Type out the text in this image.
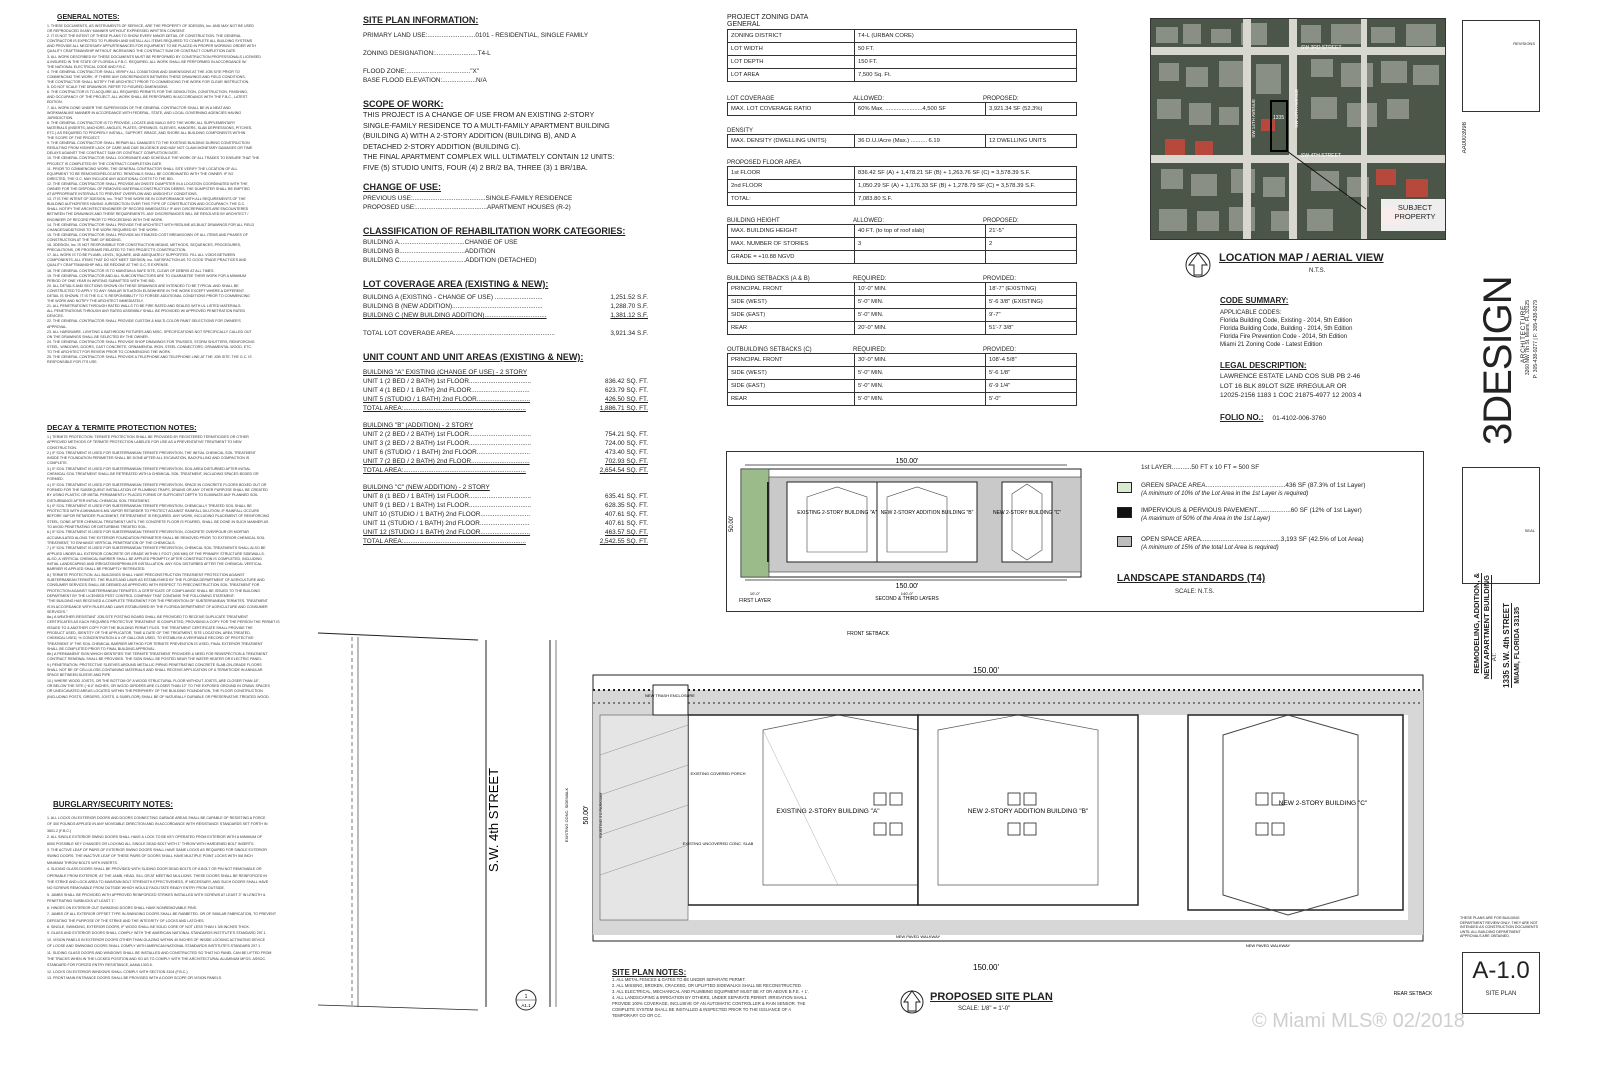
GENERAL NOTES:

1. THESE DOCUMENTS, AS INSTRUMENTS OF SERVICE, ARE THE PROPERTY OF 3DESIGN, Inc. AND MAY NOT BE USED

OR REPRODUCED IN ANY MANNER WITHOUT EXPRESSED WRITTEN CONSENT.

2. IT IS NOT THE INTENT OF THESE PLANS TO SHOW EVERY MINOR DETAIL OF CONSTRUCTION. THE GENERAL

CONTRACTOR IS EXPECTED TO FURNISH AND INSTALL ALL ITEMS REQUIRED TO COMPLETE ALL BUILDING SYSTEMS

AND PROVIDE ALL NECESSARY APPURTENANCES FOR EQUIPMENT TO BE PLACED IN PROPER WORKING ORDER WITH

QUALITY CRAFTSMANSHIP WITHOUT INCREASING THE CONTRACT SUM OR CONTRACT COMPLETION DATE.

3. ALL WORK DESCRIBED BY THESE DOCUMENTS MUST BE PERFORMED BY CONSTRUCTION PROFESSIONALS LICENSED

& INSURED IN THE STATE OF FLORIDA & F.B.C. REQUIRED. ALL WORK SHALL BE PERFORMED IN ACCORDANCE W/

THE NATIONAL ELECTRICAL CODE AND F.B.C.

4. THE GENERAL CONTRACTOR SHALL VERIFY ALL CONDITIONS AND DIMENSIONS AT THE JOB SITE PRIOR TO

COMMENCING THE WORK. IF THERE ANY DISCREPANCIES BETWEEN THESE DRAWINGS AND FIELD CONDITIONS,

THE CONTRACTOR SHALL NOTIFY THE ARCHITECT PRIOR TO COMMENCING THE WORK FOR CLEAR INSTRUCTION.

5. DO NOT SCALE THE DRAWINGS. REFER TO FIGURED DIMENSIONS.

6. THE CONTRACTOR IS TO ACQUIRE ALL REQUIRED PERMITS FOR THE DEMOLITION, CONSTRUCTION, FINISHING,

AND OCCUPANCY OF THE PROJECT. ALL WORK SHALL BE PERFORMED IN ACCORDANCE WITH THE F.B.C., LATEST

EDITION.

7. ALL WORK DONE UNDER THE SUPERVISION OF THE GENERAL CONTRACTOR SHALL BE IN A NEAT AND

WORKMANLIKE MANNER IN ACCORDANCE WITH FEDERAL, STATE, AND LOCAL GOVERNING AGENCIES HAVING

JURISDICTION.

8. THE GENERAL CONTRACTOR IS TO PROVIDE, LOCATE AND BUILD INTO THE WORK ALL SUPPLEMENTARY

MATERIALS (INSERTS, ANCHORS, ANGLES, PLATES, OPENINGS, SLEEVES, HANGERS, SLAB DEPRESSIONS, PITCHES,

ETC.) AS REQUIRED TO PROPERLY INSTALL, SUPPORT, BRACE, AND SHORE ALL BUILDING COMPONENTS WITHIN

THE SCOPE OF THE PROJECT.

9. THE GENERAL CONTRACTOR SHALL REPAIR ALL DAMAGES TO THE EXISTING BUILDING DURING CONSTRUCTION

RESULTING FROM HIS/HER LACK OF CARE AND DUE DILIGENCE AND MAY NOT CLAIM MONETARY DAMAGES OR TIME

DELAYS AGAINST THE CONTRACT SUM OR CONTRACT COMPLETION DATE.

10. THE GENERAL CONTRACTOR SHALL COORDINATE AND SCHEDULE THE WORK OF ALL TRADES TO ENSURE THAT THE

PROJECT IS COMPLETED BY THE CONTRACT COMPLETION DATE.

11. PRIOR TO COMMENCING WORK, THE GENERAL CONTRACTOR SHALL SITE VERIFY THE LOCATION OF ALL

EQUIPMENT TO BE REMOVED/RELOCATED. REMOVALS SHALL BE COORDINATED WITH THE OWNER. IF SO

DIRECTED, THE G.C. MAY INCLUDE ANY ADDITIONAL COSTS TO THE BID.

12. THE GENERAL CONTRACTOR SHALL PROVIDE AN ONSITE DUMPSTER IN A LOCATION COORDINATED WITH THE

OWNER FOR THE DISPOSAL OF REMOVED MATERIAL/CONSTRUCTION DEBRIS. THE DUMPSTER SHALL BE EMPTIED

AT APPROPRIATE INTERVALS TO PREVENT OVERFLOW AND UNSIGHTLY CONDITIONS.

13. IT IS THE INTENT OF 3DESIGN, Inc. THAT THIS WORK BE IN CONFORMANCE WITH ALL REQUIREMENTS OF THE

BUILDING AUTHORITIES HAVING JURISDICTION OVER THIS TYPE OF CONSTRUCTION AND OCCUPANCY. THE G.C.

SHALL NOTIFY THE ARCHITECT/ENGINEER OF RECORD IMMEDIATELY IF ANY DISCREPANCIES ARE ENCOUNTERED

BETWEEN THE DRAWINGS AND THESE REQUIREMENTS. ANY DISCREPANCIES WILL BE RESOLVED BY ARCHITECT /

ENGINEER OF RECORD PRIOR TO PROCEEDING WITH THE WORK.

14. THE GENERAL CONTRACTOR SHALL PROVIDE THE ARCHITECT WITH REDLINE AS-BUILT DRAWINGS FOR ALL FIELD

CHANGES/ADDITIONS TO THE WORK REQUIRED BY THE WORK.

15. THE GENERAL CONTRACTOR SHALL PROVIDE AN ITEMIZED COST BREAKDOWN OF ALL ITEMS AND PHASES OF

CONSTRUCTION AT THE TIME OF BIDDING.

16. 3DESIGN, Inc. IS NOT RESPONSIBLE FOR CONSTRUCTION MEANS, METHODS, SEQUENCES, PROCEDURES,

PRECAUTIONS, OR PROGRAMS RELATED TO THIS PROJECT'S CONSTRUCTION.

17. ALL WORK IS TO BE PLUMB, LEVEL, SQUARE, AND ADEQUATELY SUPPORTED. FILL ALL VOIDS BETWEEN

COMPONENTS. ALL ITEMS THAT DO NOT MEET 3DESIGN, Inc. SATISFACTION AS TO GOOD TRADE PRACTICES AND

QUALITY CRAFTSMANSHIP WILL BE REDONE AT THE G.C.'S EXPENSE.

18. THE GENERAL CONTRACTOR IS TO MAINTAIN A SAFE SITE, CLEAR OF DEBRIS AT ALL TIMES.

19. THE GENERAL CONTRACTOR AND ALL SUBCONTRACTORS ARE TO GUARANTEE THEIR WORK FOR A MINIMUM

PERIOD OF ONE YEAR IN WRITING SUBMITTED WITH THE BID.

20. ALL DETAILS AND SECTIONS SHOWN ON THESE DRAWINGS ARE INTENDED TO BE TYPICAL AND SHALL BE

CONSTRUCTED TO APPLY TO ANY SIMILAR SITUATION ELSEWHERE IN THE WORK EXCEPT WHERE A DIFFERENT

DETAIL IS SHOWN. IT IS THE G.C.'S RESPONSIBILITY TO FORSEE ADDITIONAL CONDITIONS PRIOR TO COMMENCING

THE WORK AND NOTIFY THE ARCHITECT IMMEDIATELY.

21. ALL PENETRATIONS THROUGH RATED WALLS TO BE FIRE RATED AND SEALED WITH UL LISTED MATERIALS.

ALL PENETRATIONS THROUGH ANY RATED ASSEMBLY SHALL BE PROVIDED W/ APPROVED PENETRATION RATED

DEVICES.

22. THE GENERAL CONTRACTOR SHALL PROVIDE CUSTOM & MULTI-COLOR PAINT SELECTIONS FOR OWNER'S

APPROVAL.

23. ALL HARDWARE, LIGHTING & BATHROOM FIXTURES AND MISC. SPECIFICATIONS NOT SPECIFICALLY CALLED OUT

ON THE DRAWINGS SHALL BE SELECTED BY THE OWNER.

24. THE GENERAL CONTRACTOR SHALL PROVIDE SHOP DRAWINGS FOR TRUSSES, STORM SHUTTERS, REINFORCING

STEEL, WINDOWS, DOORS, CAST CONCRETE, ORNAMENTAL IRON, STEEL CONNECTORS, ORNAMENTAL WOOD, ETC.

TO THE ARCHITECT FOR REVIEW PRIOR TO COMMENCING THE WORK.

25. THE GENERAL CONTRACTOR SHALL PROVIDE A TELEPHONE AND TELEPHONE LINE AT THE JOB SITE. THE G.C. IS

RESPONSIBLE FOR IT'S USE.

DECAY & TERMITE PROTECTION NOTES:

1.) TERMITE PROTECTION: TERMITE PROTECTION SHALL BE PROVIDED BY REGISTERED TERMITICIDES OR OTHER

APPROVED METHODS OF TERMITE PROTECTION LABELED FOR USE AS A PREVENTATIVE TREATMENT TO NEW

CONSTRUCTION.

2.) IF SOIL TREATMENT IS USED FOR SUBTERRANEAN TERMITE PREVENTION, THE INITIAL CHEMICAL SOIL TREATMENT

INSIDE THE FOUNDATION PERIMETER SHALL BE DONE AFTER ALL EXCAVATION, BACKFILLING AND COMPACTION IS

COMPLETE.

3.) IF SOIL TREATMENT IS USED FOR SUBTERRANEAN TERMITE PREVENTION, SOIL AREA DISTURBED AFTER INITIAL

CHEMICAL SOIL TREATMENT SHALL BE RETREATED WITH A CHEMICAL SOIL TREATMENT, INCLUDING SPACES BOXED OR

FORMED.

4.) IF SOIL TREATMENT IS USED FOR SUBTERRANEAN TERMITE PREVENTION, SPACE IN CONCRETE FLOORS BOXED OUT OR

FORMED FOR THE SUBSEQUENT INSTALLATION OF PLUMBING TRAPS, DRAINS OR ANY OTHER PURPOSE SHALL BE CREATED

BY USING PLASTIC OR METAL PERMANENTLY PLACED FORMS OF SUFFICIENT DEPTH TO ELIMINATE ANY PLANNED SOIL

DISTURBANCE AFTER INITIAL CHEMICAL SOIL TREATMENT.

5.) IF SOIL TREATMENT IS USED FOR SUBTERRANEAN TERMITE PREVENTION, CHEMICALLY TREATED SOIL SHALL BE

PROTECTED WITH A MINIMUM 6-MIL VAPOR RETARDER TO PROTECT AGAINST RAINFALL DILUTION. IF RAINFALL OCCURS

BEFORE VAPOR RETARDER PLACEMENT, RETREATMENT IS REQUIRED. ANY WORK, INCLUDING PLACEMENT OF REINFORCING

STEEL, DONE AFTER CHEMICAL TREATMENT UNTIL THE CONCRETE FLOOR IS POURED, SHALL BE DONE IN SUCH MANNER AS

TO AVOID PENETRATING OR DISTURBING TREATED SOIL.

6.) IF SOIL TREATMENT IS USED FOR SUBTERRANEAN TERMITE PREVENTION, CONCRETE OVERPOUR OR MORTAR

ACCUMULATED ALONG THE EXTERIOR FOUNDATION PERIMETER SHALL BE REMOVED PRIOR TO EXTERIOR CHEMICAL SOIL

TREATMENT, TO ENHANCE VERTICAL PENETRATION OF THE CHEMICALS.

7.) IF SOIL TREATMENT IS USED FOR SUBTERRANEAN TERMITE PREVENTION, CHEMICAL SOIL TREATMENTS SHALL ALSO BE

APPLIED UNDER ALL EXTERIOR CONCRETE OR GRADE WITHIN 1 FOOT (305 MM) OF THE PRIMARY STRUCTURE SIDEWALLS.

ALSO, A VERTICAL CHEMICAL BARRIER SHALL BE APPLIED PROMPTLY AFTER CONSTRUCTION IS COMPLETED, INCLUDING

INITIAL LANDSCAPING AND IRRIGATION/SPRINKLER INSTALLATION. ANY SOIL DISTURBED AFTER THE CHEMICAL VERTICAL

BARRIER IS APPLIED SHALL BE PROMPTLY RETREATED.

8.) TERMITE PROTECTION. ALL BUILDINGS SHALL HAVE PRECONSTRUCTION TREATMENT PROTECTION AGAINST

SUBTERRANEAN TERMITES. THE RULES AND LAWS AS ESTABLISHED BY THE FLORIDA DEPARTMENT OF AGRICULTURE AND

CONSUMER SERVICES SHALL BE DEEMED AS APPROVED WITH RESPECT TO PRECONSTRUCTION SOIL TREATMENT FOR

PROTECTION AGAINST SUBTERRANEAN TERMITES. A CERTIFICATE OF COMPLIANCE SHALL BE ISSUED TO THE BUILDING

DEPARTMENT BY THE LICENSED PEST CONTROL COMPANY THAT CONTAINS THE FOLLOWING STATEMENT:

"THE BUILDING HAS RECEIVED A COMPLETE TREATMENT FOR THE PREVENTION OF SUBTERRANEAN TERMITES. TREATMENT

IS IN ACCORDANCE WITH RULES AND LAWS ESTABLISHED BY THE FLORIDA DEPARTMENT OF AGRICULTURE AND CONSUMER

SERVICES."

8a.) A WEATHER-RESISTANT JOB-SITE POSTING BOARD SHALL BE PROVIDED TO RECEIVE DUPLICATE TREATMENT

CERTIFICATES AS EACH REQUIRED PROTECTIVE TREATMENT IS COMPLETED, PROVIDING A COPY FOR THE PERSON THE PERMIT IS

ISSUED TO & ANOTHER COPY FOR THE BUILDING PERMIT FILES. THE TREATMENT CERTIFICATE SHALL PROVIDE THE

PRODUCT USED, IDENTITY OF THE APPLICATOR, TIME & DATE OF THE TREATMENT, SITE LOCATION, AREA TREATED,

CHEMICAL USED, % CONCENTRATION & # OF GALLONS USED, TO ESTABLISH A VERIFIABLE RECORD OF PROTECTIVE

TREATMENT. IF THE SOIL CHEMICAL BARRIER METHOD FOR TERMITE PREVENTION IS USED, FINAL EXTERIOR TREATMENT

SHALL BE COMPLETED PRIOR TO FINAL BUILDING APPROVAL.

8b.) A PERMANENT SIGN WHICH IDENTIFIES THE TERMITE TREATMENT PROVIDER & NEED FOR REINSPECTION & TREATMENT

CONTRACT RENEWAL SHALL BE PROVIDED. THE SIGN SHALL BE POSTED NEAR THE WATER HEATER OR ELECTRIC PANEL.

9.) PENETRATION. PROTECTIVE SLEEVES AROUND METALLIC PIPING PENETRATING CONCRETE SLAB-ON-GRADE FLOORS

SHALL NOT BE OF CELLULOSE-CONTAINING MATERIALS AND SHALL RECEIVE APPLICATION OF A TERMITICIDE IN ANNULAR

SPACE BETWEEN SLEEVE AND PIPE.

10.) WHERE WOOD JOISTS, OR THE BOTTOM OF A WOOD STRUCTURAL FLOOR WITHOUT JOISTS, ARE CLOSER THAN 18",

OR BELOW THE SITE (~8.0" INCHES, OR WOOD GIRDERS ARE CLOSER THAN 12" TO THE EXPOSED GROUND IN CRAWL SPACES

OR UNEXCAVATED AREAS LOCATED WITHIN THE PERIPHERY OF THE BUILDING FOUNDATION, THE FLOOR CONSTRUCTION

(INCLUDING POSTS, GIRDERS, JOISTS, & SUBFLOOR) SHALL BE OF NATURALLY DURABLE OR PRESERVATIVE-TREATED WOOD.

BURGLARY/SECURITY NOTES:

1. ALL LOCKS ON EXTERIOR DOORS AND DOORS CONNECTING GARAGE AREAS SHALL BE CAPABLE OF RESISTING A FORCE

OF 300 POUNDS APPLIED IN ANY MOVEABLE DIRECTION AND IN ACCORDANCE WITH RESISTANCE STANDARDS SET FORTH IN

3601.2 (F.B.C.)

2. ALL SINGLE EXTERIOR SWING DOORS SHALL HAVE A LOCK TO BE KEY OPERATED FROM EXTERIOR WITH A MINIMUM OF

6000 POSSIBLE KEY CHANGES OR LOCKING ALL SINGLE DEAD BOLT WITH 1" THROW WITH HARDENED BOLT INSERTS.

3. THE ACTIVE LEAF OF PAIRS OF EXTERIOR SWING DOORS SHALL HAVE SAME LOCKS AS REQUIRED FOR SINGLE EXTERIOR

SWING DOORS. THE INACTIVE LEAF OF THESE PAIRS OF DOORS SHALL HAVE MULTIPLE POINT LOCKS WITH 5/8 INCH

MINIMUM THROW BOLTS WITH INSERTS.

4. SLIDING GLASS DOORS SHALL BE PROVIDED WITH SLIDING DOOR DEAD BOLTS OF A BOLT OR PIN NOT REMOVABLE OR

OPERABLE FROM EXTERIOR, AT THE JAMB, HEAD, SILL OR AT MEETING MULLIONS. THESE DOORS SHALL BE REINFORCED IN

THE STRIKE AND LOCK AREA TO MAINTAIN BOLT STRENGTH EFFECTIVENESS, IF NECESSARY, AND SUCH DOORS SHALL HAVE

NO SCREWS REMOVABLE FROM OUTSIDE WHICH WOULD FACILITATE READY ENTRY FROM OUTSIDE.

5. JAMBS SHALL BE PROVIDED WITH APPROVED REINFORCED STRIKES INSTALLED WITH SCREWS AT LEAST 3" IN LENGTH &

PENETRATING SUBBUCKS AT LEAST 1".

6. HINGES ON EXTERIOR OUT SWINGING DOORS SHALL HAVE NONREMOVABLE PINS.

7. JAMBS OF ALL EXTERIOR OFFSET TYPE IN-SWINGING DOORS SHALL BE RABBETED, OR OF SIMILAR FABRICATION, TO PREVENT

DEFEATING THE PURPOSE OF THE STRIKE AND THE INTEGRITY OF LOCKS AND LATCHES.

8. SINGLE, SWINGING, EXTERIOR DOORS, IF WOOD SHALL BE SOLID CORE OF NOT LESS THAN 1 3/8 INCHES THICK.

9. GLASS AND EXTERIOR DOORS SHALL COMPLY WITH THE AMERICAN NATIONAL STANDARDS INSTITUTE'S STANDARD 297.1

10. VISION PANELS IN EXTERIOR DOORS OTHER THAN GLAZING WITHIN 40 INCHES OF INSIDE LOCKING ACTIVATING DEVICE

OF LOOSE AND SWINGING DOORS SHALL COMPLY WITH AMERICAN NATIONAL STANDARDS INSTITUTE'S STANDARD 297.1

11. SLIDING GLASS DOORS AND WINDOWS SHALL BE INSTALLED AND CONSTRUCTED SO THAT NO PANEL CAN BE LIFTED FROM

THE TRACKS WHEN IN THE LOCKED POSITION AND SO AS TO COMPLY WITH THE ARCHITECTURAL ALUMINUM MFGS. ASSOC.

STANDARD FOR FORCED ENTRY RESISTANCE, AAMA 1303.5.

12. LOCKS ON EXTERIOR WINDOWS SHALL COMPLY WITH SECTION 3104 (F.B.C.)

13. FRONT MAIN ENTRANCE DOORS SHALL BE PROVIDED WITH A DOOR SCOPE OR VISION PANELS.

SITE PLAN INFORMATION:
PRIMARY LAND USE:...........................0101 - RESIDENTIAL, SINGLE FAMILY
ZONING DESIGNATION:........................T4-L
FLOOD ZONE:...................................."X"
BASE FLOOD ELEVATION:...................N/A
SCOPE OF WORK:

THIS PROJECT IS A CHANGE OF USE FROM AN EXISTING 2-STORY

SINGLE-FAMILY RESIDENCE TO A MULTI-FAMILY APARTMENT BUILDING

(BUILDING A) WITH A 2-STORY ADDITION (BUILDING B), AND A

DETACHED 2-STORY ADDITION (BUILDING C).

THE FINAL APARTMENT COMPLEX WILL ULTIMATELY CONTAIN 12 UNITS:

FIVE (5) STUDIO UNITS, FOUR (4) 2 BR/2 BA, THREE (3) 1 BR/1BA.

CHANGE OF USE:
PREVIOUS USE:.........................................SINGLE-FAMILY RESIDENCE
PROPOSED USE:........................................APARTMENT HOUSES (R-2)
CLASSIFICATION OF REHABILITATION WORK CATEGORIES:
BUILDING A.....................................CHANGE OF USE
BUILDING B.....................................ADDITION
BUILDING C.....................................ADDITION (DETACHED)
LOT COVERAGE AREA (EXISTING & NEW):
BUILDING A (EXISTING - CHANGE OF USE) ...........................	1,251.52 S.F.
BUILDING B (NEW ADDITION)...................................................	1,288.70 S.F.
BUILDING C (NEW BUILDING ADDITION)...................................	1,381.12 S.F.
TOTAL LOT COVERAGE AREA.........................................................	3,921.34 S.F.
UNIT COUNT AND UNIT AREAS (EXISTING & NEW):
BUILDING "A" EXISTING (CHANGE OF USE) - 2 STORY
UNIT 1 (2 BED / 2 BATH) 1st FLOOR...................................	836.42 SQ. FT.
UNIT 4 (1 BED / 1 BATH) 2nd FLOOR.................................	623.79 SQ. FT.
UNIT 5 (STUDIO / 1 BATH) 2nd FLOOR..............................	426.50 SQ. FT.
TOTAL AREA:.....................................................................	1,886.71 SQ. FT.
BUILDING "B" (ADDITION) - 2 STORY
UNIT 2 (2 BED / 2 BATH) 1st FLOOR...................................	754.21 SQ. FT.
UNIT 3 (2 BED / 2 BATH) 1st FLOOR...................................	724.00 SQ. FT.
UNIT 6 (STUDIO / 1 BATH) 2nd FLOOR..............................	473.40 SQ. FT.
UNIT 7 (2 BED / 2 BATH) 2nd FLOOR.................................	702.93 SQ. FT.
TOTAL AREA:.....................................................................	2,654.54 SQ. FT.
BUILDING "C" (NEW ADDITION) - 2 STORY
UNIT 8 (1 BED / 1 BATH) 1st FLOOR...................................	635.41 SQ. FT.
UNIT 9 (1 BED / 1 BATH) 1st FLOOR...................................	628.35 SQ. FT.
UNIT 10 (STUDIO / 1 BATH) 2nd FLOOR............................	407.61 SQ. FT.
UNIT 11 (STUDIO / 1 BATH) 2nd FLOOR............................	407.61 SQ. FT.
UNIT 12 (STUDIO / 1 BATH) 2nd FLOOR............................	463.57 SQ. FT.
TOTAL AREA:.....................................................................	2,542.55 SQ. FT.
PROJECT ZONING DATA
GENERAL
ZONING DISTRICT	T4-L (URBAN CORE)
LOT WIDTH	50 FT.
LOT DEPTH	150 FT.
LOT AREA	7,500 Sq. Ft.
LOT COVERAGE	ALLOWED:	PROPOSED:
MAX. LOT COVERAGE RATIO	60% Max. .......................4,500 SF	3,921.34 SF (52.3%)
DENSITY
MAX. DENSITY (DWELLING UNITS)	36 D.U./Acre (Max.) .......... 6.19	12 DWELLING UNITS
PROPOSED FLOOR AREA
1st FLOOR	836.42 SF (A) + 1,478.21 SF (B) + 1,263.76 SF (C) = 3,578.39 S.F.
2nd FLOOR	1,050.29 SF (A) + 1,176.33 SF (B) + 1,278.79 SF (C) = 3,578.39 S.F.
TOTAL:	7,083.80 S.F.
BUILDING HEIGHT	ALLOWED:	PROPOSED:
MAX. BUILDING HEIGHT	40 FT. (to top of roof slab)	21'-5"
MAX. NUMBER OF STORIES	3	2
GRADE = +10.88 NGVD		
BUILDING SETBACKS (A & B)	REQUIRED:	PROVIDED:
PRINCIPAL FRONT	10'-0" MIN.	18'-7" (EXISTING)
SIDE (WEST)	5'-0" MIN.	5'-6 3/8" (EXISTING)
SIDE (EAST)	5'-0" MIN.	9'-7"
REAR	20'-0" MIN.	51'-7 3/8"
OUTBUILDING SETBACKS (C)	REQUIRED:	PROVIDED:
PRINCIPAL FRONT	30'-0" MIN.	108'-4 5/8"
SIDE (WEST)	5'-0" MIN.	5'-6 1/8"
SIDE (EAST)	5'-0" MIN.	6'-9 1/4"
REAR	5'-0" MIN.	5'-0"
SW 3RD STREET
SW 4TH STREET
SW 14TH AVENUE	SW 13TH AVENUE
1335
SUBJECT PROPERTY
LOCATION MAP / AERIAL VIEW
N.T.S.
CODE SUMMARY:

APPLICABLE CODES:

Florida Building Code, Existing - 2014, 5th Edition

Florida Building Code, Building - 2014, 5th Edition

Florida Fire Prevention Code - 2014, 5th Edition

Miami 21 Zoning Code - Latest Edition

LEGAL DESCRIPTION:

LAWRENCE ESTATE LAND COS SUB PB 2-46

LOT 16 BLK 89LOT SIZE IRREGULAR OR

12025-2156 1183 1 COC 21875-4977 12 2003 4

FOLIO NO.: 01-4102-006-3760
150.00'
EXISTING 2-STORY BUILDING "A" NEW 2-STORY ADDITION BUILDING "B"	NEW 2-STORY BUILDING "C"
50.00'
150.00'
10'-0"	140'-0"
FIRST LAYER	SECOND & THIRD LAYERS
1st LAYER...........50 FT x 10 FT = 500 SF
GREEN SPACE AREA.............................................436 SF (87.3% of 1st Layer)
(A minimum of 10% of the Lot Area in the 1st Layer is required)
IMPERVIOUS & PERVIOUS PAVEMENT...................60 SF (12% of 1st Layer)
(A maximum of 50% of the Area in the 1st Layer)
OPEN SPACE AREA.............................................3,193 SF (42.5% of Lot Area)
(A minimum of 15% of the total Lot Area is required)
LANDSCAPE STANDARDS (T4)
SCALE: N.T.S.
S.W. 4th STREET
FRONT SETBACK
150.00'
150.00'
50.00'	EXISTING 2-STORY BUILDING "A"	NEW 2-STORY ADDITION BUILDING "B"
NEW 2-STORY BUILDING "C"
NEW TRASH ENCLOSURE
EXISTING COVERED PORCH
EXISTING UNCOVERED CONC. SLAB
NEW PAVED WALKWAY
NEW PAVED WALKWAY
EXISTING CONC. SIDEWALK	EXISTING 5'0 PARKWAY
REAR SETBACK
1
A1.1
SITE PLAN NOTES:

1. ALL METAL FENCES & GATES TO BE UNDER SEPARATE PERMIT.

2. ALL MISSING, BROKEN, CRACKED, OR UPLIFTED SIDEWALKS SHALL BE RECONSTRUCTED.

3. ALL ELECTRICAL, MECHANICAL AND PLUMBING EQUIPMENT MUST BE AT OR ABOVE B.F.E. + 1'.

4. ALL LANDSCAPING & IRRIGATION BY OTHERS, UNDER SEPARATE PERMIT. IRRIGATION SHALL

PROVIDE 100% COVERAGE, INCLUSIVE OF AN AUTOMATIC CONTROLLER & RAIN SENSOR. THE

COMPLETE SYSTEM SHALL BE INSTALLED & INSPECTED PRIOR TO THE ISSUANCE OF A

TEMPORARY CO OR CC.

PROPOSED SITE PLAN
SCALE: 1/8" = 1'-0"
REVISIONS
AA0003998
3DESIGN ARCHITECTURE
3260 NW 7th St. Miami, FL 33125 P: 305-438-9277 | F: 305-438-9279
SEAL
REMODELING, ADDITION, & NEW APARTMENT BUILDING AT: 1335 S.W. 4th STREET MIAMI, FLORIDA 33135
THESE PLANS ARE FOR BUILDING DEPARTMENT REVIEW ONLY. THEY ARE NOT INTENDED AS CONSTRUCTION DOCUMENTS UNTIL ALL BUILDING DEPARTMENT APPROVALS ARE OBTAINED.
A-1.0
SITE PLAN
© Miami MLS® 02/2018
